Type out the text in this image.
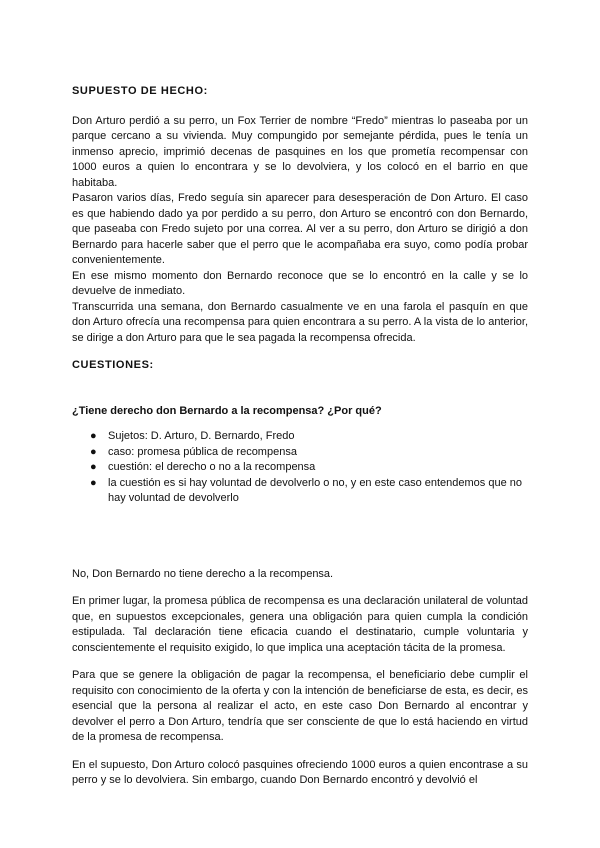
SUPUESTO DE HECHO:

Don Arturo perdió a su perro, un Fox Terrier de nombre “Fredo” mientras lo paseaba por un parque cercano a su vivienda. Muy compungido por semejante pérdida, pues le tenía un inmenso aprecio, imprimió decenas de pasquines en los que prometía recompensar con 1000 euros a quien lo encontrara y se lo devolviera, y los colocó en el barrio en que habitaba.

Pasaron varios días, Fredo seguía sin aparecer para desesperación de Don Arturo. El caso es que habiendo dado ya por perdido a su perro, don Arturo se encontró con don Bernardo, que paseaba con Fredo sujeto por una correa. Al ver a su perro, don Arturo se dirigió a don Bernardo para hacerle saber que el perro que le acompañaba era suyo, como podía probar convenientemente.

En ese mismo momento don Bernardo reconoce que se lo encontró en la calle y se lo devuelve de inmediato.

Transcurrida una semana, don Bernardo casualmente ve en una farola el pasquín en que don Arturo ofrecía una recompensa para quien encontrara a su perro. A la vista de lo anterior, se dirige a don Arturo para que le sea pagada la recompensa ofrecida.

CUESTIONES:

¿Tiene derecho don Bernardo a la recompensa? ¿Por qué?

● Sujetos: D. Arturo, D. Bernardo, Fredo
● caso: promesa pública de recompensa
● cuestión: el derecho o no a la recompensa
● la cuestión es si hay voluntad de devolverlo o no, y en este caso entendemos que no hay voluntad de devolverlo

No, Don Bernardo no tiene derecho a la recompensa.

En primer lugar, la promesa pública de recompensa es una declaración unilateral de voluntad que, en supuestos excepcionales, genera una obligación para quien cumpla la condición estipulada. Tal declaración tiene eficacia cuando el destinatario, cumple voluntaria y conscientemente el requisito exigido, lo que implica una aceptación tácita de la promesa.

Para que se genere la obligación de pagar la recompensa, el beneficiario debe cumplir el requisito con conocimiento de la oferta y con la intención de beneficiarse de esta, es decir, es esencial que la persona al realizar el acto, en este caso Don Bernardo al encontrar y devolver el perro a Don Arturo, tendría que ser consciente de que lo está haciendo en virtud de la promesa de recompensa.

En el supuesto, Don Arturo colocó pasquines ofreciendo 1000 euros a quien encontrase a su perro y se lo devolviera. Sin embargo, cuando Don Bernardo encontró y devolvió el
